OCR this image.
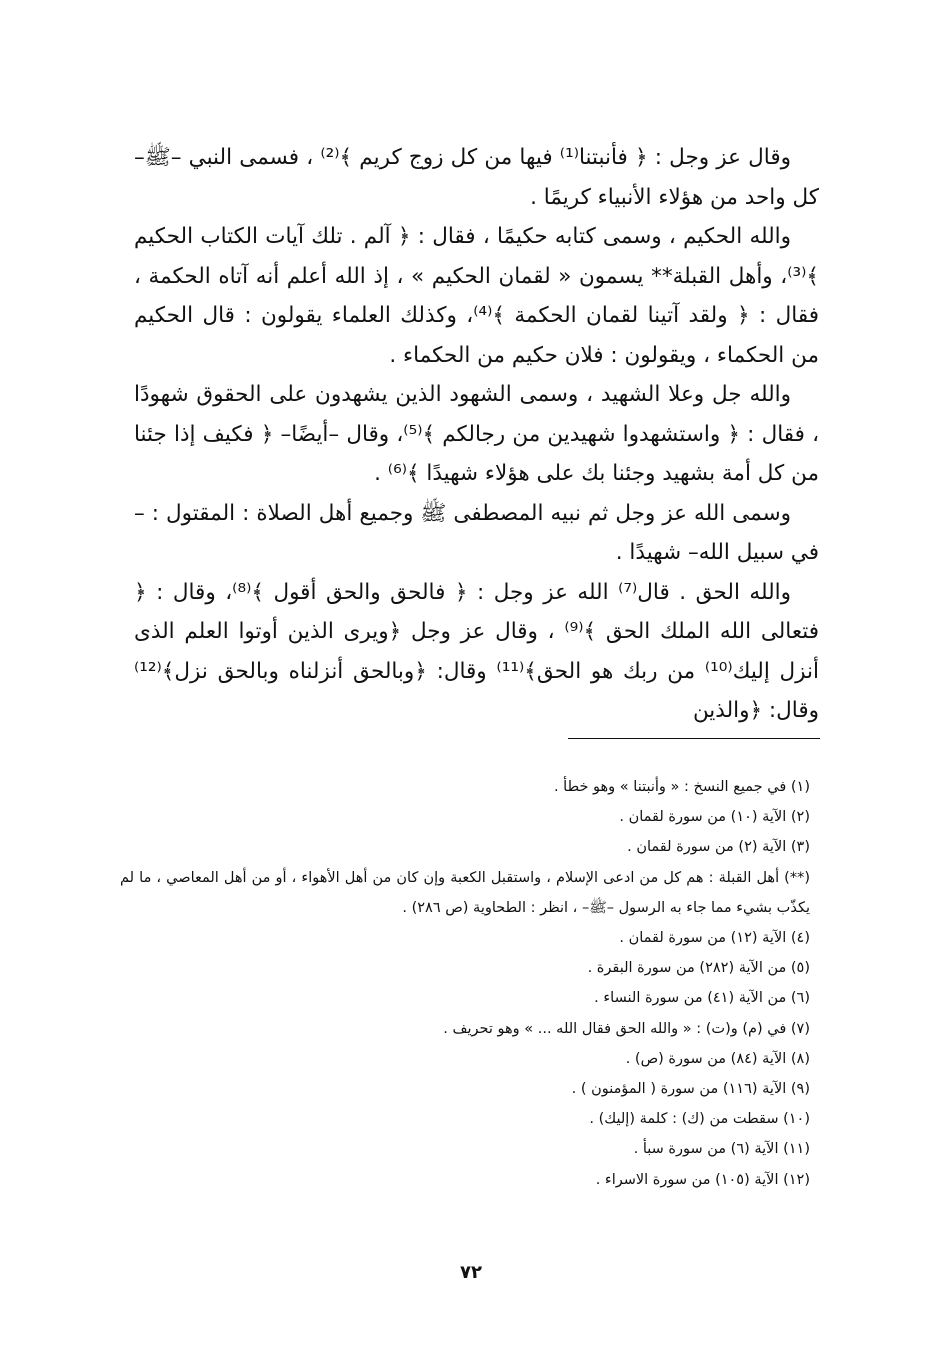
وقال عز وجل : ﴿ فأنبتنا⁽¹⁾ فيها من كل زوج كريم ﴾⁽²⁾ ، فسمى النبي –ﷺ– كل واحد من هؤلاء الأنبياء كريمًا .

والله الحكيم ، وسمى كتابه حكيمًا ، فقال : ﴿ آلم . تلك آيات الكتاب الحكيم ﴾⁽³⁾، وأهل القبلة** يسمون « لقمان الحكيم » ، إذ الله أعلم أنه آتاه الحكمة ، فقال : ﴿ ولقد آتينا لقمان الحكمة ﴾⁽⁴⁾، وكذلك العلماء يقولون : قال الحكيم من الحكماء ، ويقولون : فلان حكيم من الحكماء .

والله جل وعلا الشهيد ، وسمى الشهود الذين يشهدون على الحقوق شهودًا ، فقال : ﴿ واستشهدوا شهيدين من رجالكم ﴾⁽⁵⁾، وقال –أيضًا– ﴿ فكيف إذا جئنا من كل أمة بشهيد وجئنا بك على هؤلاء شهيدًا ﴾⁽⁶⁾ .

وسمى الله عز وجل ثم نبيه المصطفى ﷺ وجميع أهل الصلاة : المقتول : –في سبيل الله– شهيدًا .

والله الحق . قال⁽⁷⁾ الله عز وجل : ﴿ فالحق والحق أقول ﴾⁽⁸⁾، وقال : ﴿ فتعالى الله الملك الحق ﴾⁽⁹⁾ ، وقال عز وجل ﴿ويرى الذين أوتوا العلم الذى أنزل إليك⁽¹⁰⁾ من ربك هو الحق﴾⁽¹¹⁾ وقال: ﴿وبالحق أنزلناه وبالحق نزل﴾⁽¹²⁾ وقال: ﴿والذين

(١) في جميع النسخ : « وأنبتنا » وهو خطأ .

(٢) الآية (١٠) من سورة لقمان .

(٣) الآية (٢) من سورة لقمان .

(**) أهل القبلة : هم كل من ادعى الإسلام ، واستقبل الكعبة وإن كان من أهل الأهواء ، أو من أهل المعاصي ، ما لم يكذّب بشيء مما جاء به الرسول –ﷺ– ، انظر : الطحاوية (ص ٢٨٦) .

(٤) الآية (١٢) من سورة لقمان .

(٥) من الآية (٢٨٢) من سورة البقرة .

(٦) من الآية (٤١) من سورة النساء .

(٧) في (م) و(ت) : « والله الحق فقال الله ... » وهو تحريف .

(٨) الآية (٨٤) من سورة (ص) .

(٩) الآية (١١٦) من سورة ( المؤمنون ) .

(١٠) سقطت من (ك) : كلمة (إليك) .

(١١) الآية (٦) من سورة سبأ .

(١٢) الآية (١٠٥) من سورة الاسراء .

٧٢
